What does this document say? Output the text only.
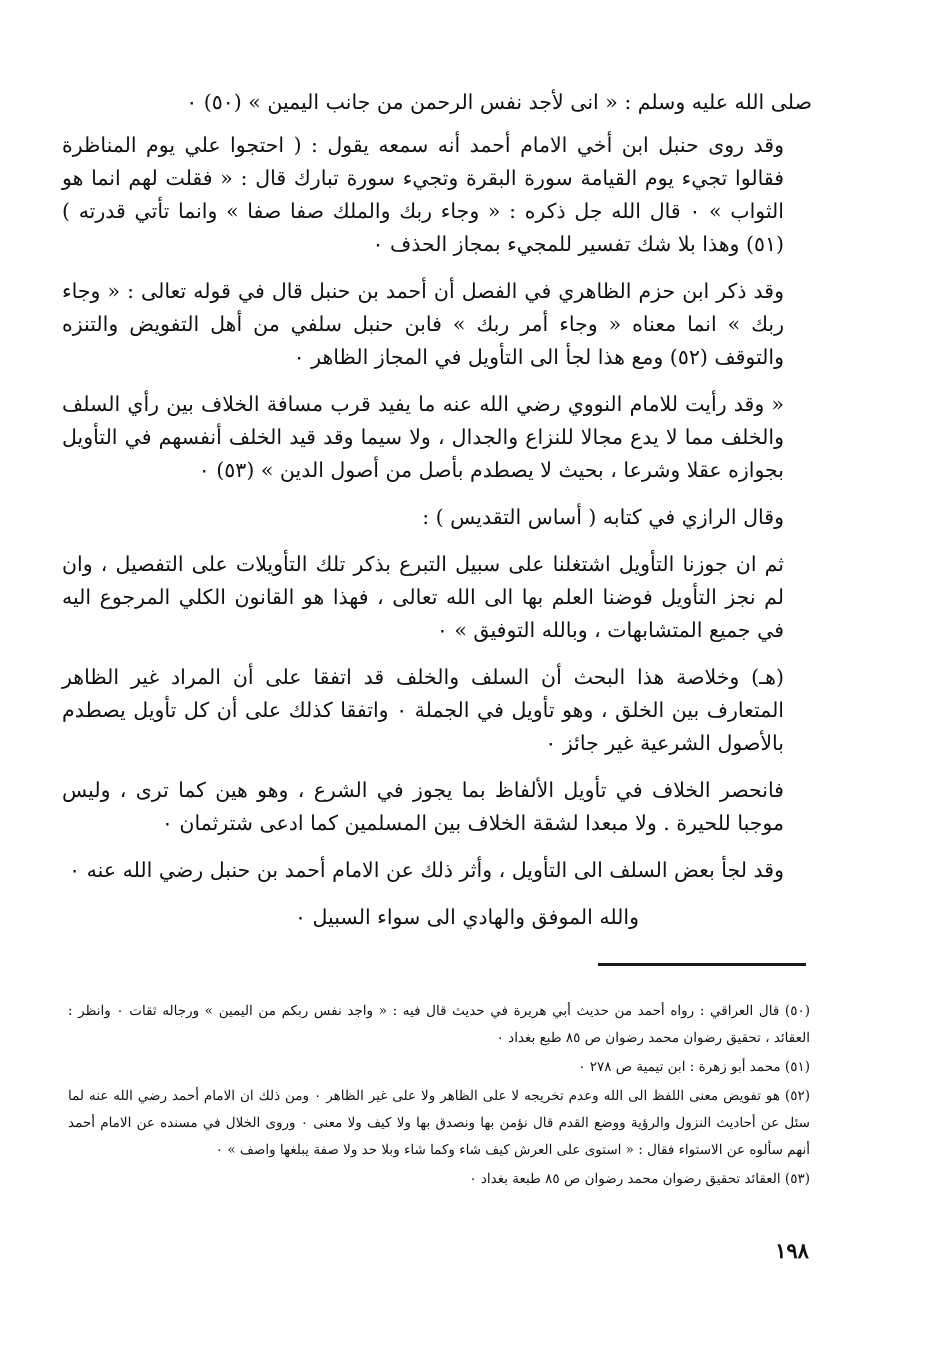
صلى الله عليه وسلم : « انى لأجد نفس الرحمن من جانب اليمين » (٥٠) ٠

وقد روى حنبل ابن أخي الامام أحمد أنه سمعه يقول : ( احتجوا علي يوم المناظرة فقالوا تجيء يوم القيامة سورة البقرة وتجيء سورة تبارك قال : « فقلت لهم انما هو الثواب » ٠ قال الله جل ذكره : « وجاء ربك والملك صفا صفا » وانما تأتي قدرته ) (٥١) وهذا بلا شك تفسير للمجيء بمجاز الحذف ٠

وقد ذكر ابن حزم الظاهري في الفصل أن أحمد بن حنبل قال في قوله تعالى : « وجاء ربك » انما معناه « وجاء أمر ربك » فابن حنبل سلفي من أهل التفويض والتنزه والتوقف (٥٢) ومع هذا لجأ الى التأويل في المجاز الظاهر ٠

« وقد رأيت للامام النووي رضي الله عنه ما يفيد قرب مسافة الخلاف بين رأي السلف والخلف مما لا يدع مجالا للنزاع والجدال ، ولا سيما وقد قيد الخلف أنفسهم في التأويل بجوازه عقلا وشرعا ، بحيث لا يصطدم بأصل من أصول الدين » (٥٣) ٠

وقال الرازي في كتابه ( أساس التقديس ) :

ثم ان جوزنا التأويل اشتغلنا على سبيل التبرع بذكر تلك التأويلات على التفصيل ، وان لم نجز التأويل فوضنا العلم بها الى الله تعالى ، فهذا هو القانون الكلي المرجوع اليه في جميع المتشابهات ، وبالله التوفيق » ٠

(هـ) وخلاصة هذا البحث أن السلف والخلف قد اتفقا على أن المراد غير الظاهر المتعارف بين الخلق ، وهو تأويل في الجملة ٠ واتفقا كذلك على أن كل تأويل يصطدم بالأصول الشرعية غير جائز ٠

فانحصر الخلاف في تأويل الألفاظ بما يجوز في الشرع ، وهو هين كما ترى ، وليس موجبا للحيرة . ولا مبعدا لشقة الخلاف بين المسلمين كما ادعى شترثمان ٠

وقد لجأ بعض السلف الى التأويل ، وأثر ذلك عن الامام أحمد بن حنبل رضي الله عنه ٠

والله الموفق والهادي الى سواء السبيل ٠

(٥٠) قال العراقي : رواه أحمد من حديث أبي هريرة في حديث قال فيه : « واجد نفس ربكم من اليمين » ورجاله ثقات ٠ وانظر : العقائد ، تحقيق رضوان محمد رضوان ص ٨٥ طبع بغداد ٠

(٥١) محمد أبو زهرة : ابن تيمية ص ٢٧٨ ٠

(٥٢) هو تفويض معنى اللفظ الى الله وعدم تخريجه لا على الظاهر ولا على غير الظاهر ٠ ومن ذلك ان الامام أحمد رضي الله عنه لما سئل عن أحاديث النزول والرؤية ووضع القدم قال نؤمن بها ونصدق بها ولا كيف ولا معنى ٠ وروى الخلال في مسنده عن الامام أحمد أنهم سألوه عن الاستواء فقال : « استوى على العرش كيف شاء وكما شاء وبلا حد ولا صفة يبلغها واصف » ٠

(٥٣) العقائد تحقيق رضوان محمد رضوان ص ٨٥ طبعة بغداد ٠

١٩٨
